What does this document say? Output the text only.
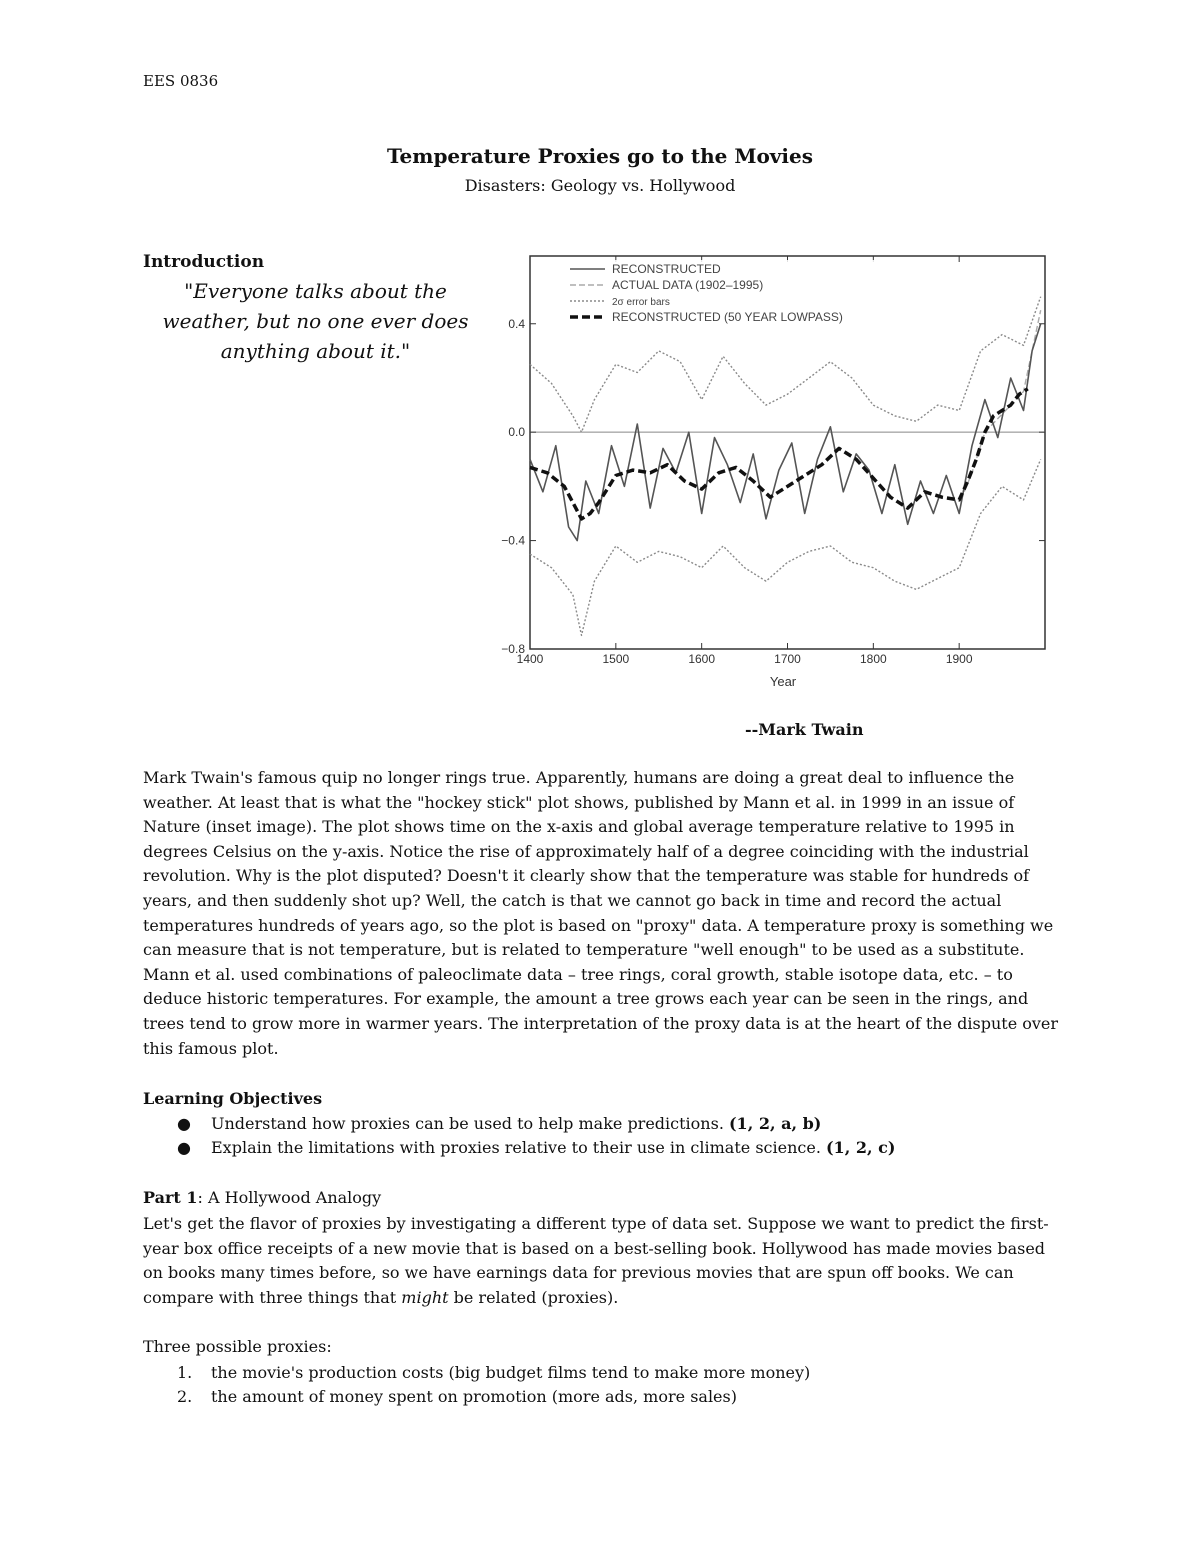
EES 0836
Temperature Proxies go to the Movies
Disasters: Geology vs. Hollywood
Introduction
"Everyone talks about the weather, but no one ever does anything about it."
1400	1500	1600	1700	1800	1900
−0.8
−0.4
0.0
0.4
RECONSTRUCTED
ACTUAL DATA (1902–1995)
2σ error bars
RECONSTRUCTED (50 YEAR LOWPASS)
Year
--Mark Twain
Mark Twain's famous quip no longer rings true. Apparently, humans are doing a great deal to influence the weather. At least that is what the "hockey stick" plot shows, published by Mann et al. in 1999 in an issue of Nature (inset image). The plot shows time on the x-axis and global average temperature relative to 1995 in degrees Celsius on the y-axis. Notice the rise of approximately half of a degree coinciding with the industrial revolution. Why is the plot disputed? Doesn't it clearly show that the temperature was stable for hundreds of years, and then suddenly shot up? Well, the catch is that we cannot go back in time and record the actual temperatures hundreds of years ago, so the plot is based on "proxy" data. A temperature proxy is something we can measure that is not temperature, but is related to temperature "well enough" to be used as a substitute. Mann et al. used combinations of paleoclimate data – tree rings, coral growth, stable isotope data, etc. – to deduce historic temperatures. For example, the amount a tree grows each year can be seen in the rings, and trees tend to grow more in warmer years. The interpretation of the proxy data is at the heart of the dispute over this famous plot.
Learning Objectives
● Understand how proxies can be used to help make predictions. (1, 2, a, b)
● Explain the limitations with proxies relative to their use in climate science. (1, 2, c)
Part 1: A Hollywood Analogy
Let's get the flavor of proxies by investigating a different type of data set. Suppose we want to predict the first-year box office receipts of a new movie that is based on a best-selling book. Hollywood has made movies based on books many times before, so we have earnings data for previous movies that are spun off books. We can compare with three things that might be related (proxies).
Three possible proxies:
1. the movie's production costs (big budget films tend to make more money)
2. the amount of money spent on promotion (more ads, more sales)
